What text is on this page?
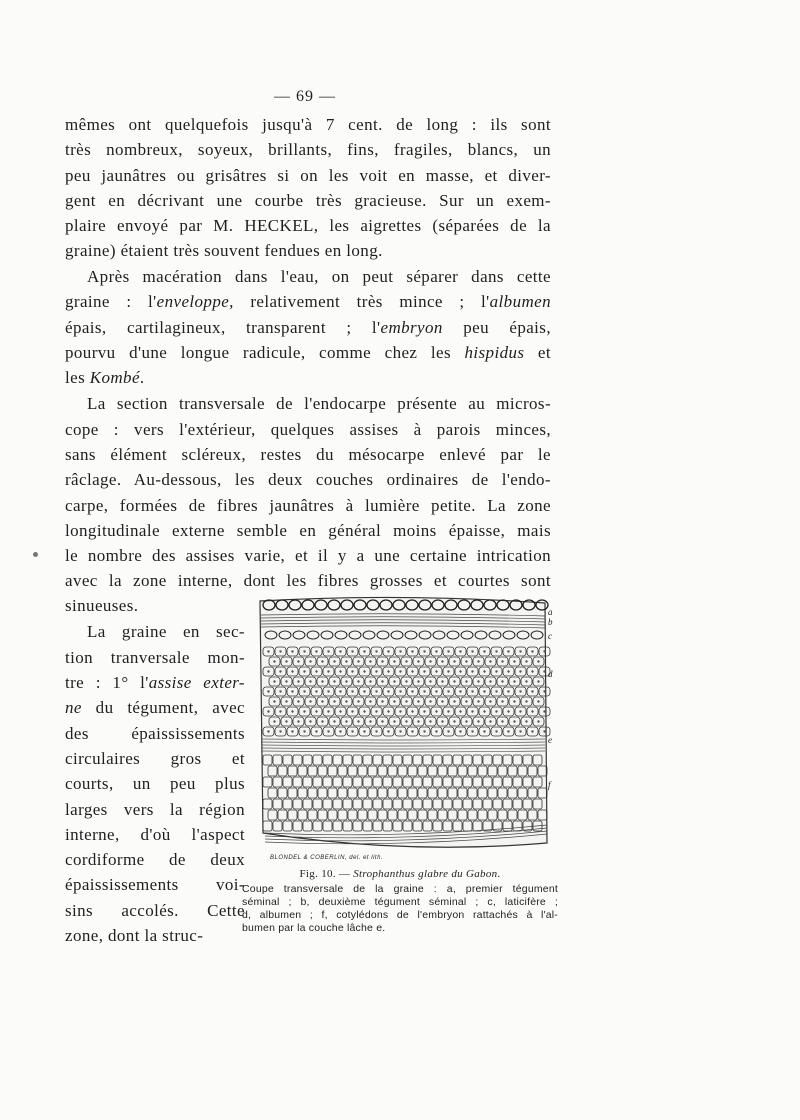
— 69 —
mêmes ont quelquefois jusqu'à 7 cent. de long : ils sont
très nombreux, soyeux, brillants, fins, fragiles, blancs, un
peu jaunâtres ou grisâtres si on les voit en masse, et diver-
gent en décrivant une courbe très gracieuse. Sur un exem-
plaire envoyé par M. HECKEL, les aigrettes (séparées de la
graine) étaient très souvent fendues en long.
Après macération dans l'eau, on peut séparer dans cette
graine : l'enveloppe, relativement très mince ; l'albumen
épais, cartilagineux, transparent ; l'embryon peu épais,
pourvu d'une longue radicule, comme chez les hispidus et
les Kombé.
La section transversale de l'endocarpe présente au micros-
cope : vers l'extérieur, quelques assises à parois minces,
sans élément scléreux, restes du mésocarpe enlevé par le
râclage. Au-dessous, les deux couches ordinaires de l'endo-
carpe, formées de fibres jaunâtres à lumière petite. La zone
longitudinale externe semble en général moins épaisse, mais
le nombre des assises varie, et il y a une certaine intrication
avec la zone interne, dont les fibres grosses et courtes sont
sinueuses.
La graine en sec-
tion tranversale mon-
tre : 1° l'assise exter-
ne du tégument, avec
des épaississements
circulaires gros et
courts, un peu plus
larges vers la région
interne, d'où l'aspect
cordiforme de deux
épaississements voi-
sins accolés. Cette
zone, dont la struc-
a
b
c
d
e
f
BLONDEL & COBERLIN, del. et lith.
Fig. 10. — Strophanthus glabre du Gabon.
Coupe transversale de la graine : a, premier tégument
séminal ; b, deuxième tégument séminal ; c, laticifère ;
d, albumen ; f, cotylédons de l'embryon rattachés à l'al-
bumen par la couche lâche e.
